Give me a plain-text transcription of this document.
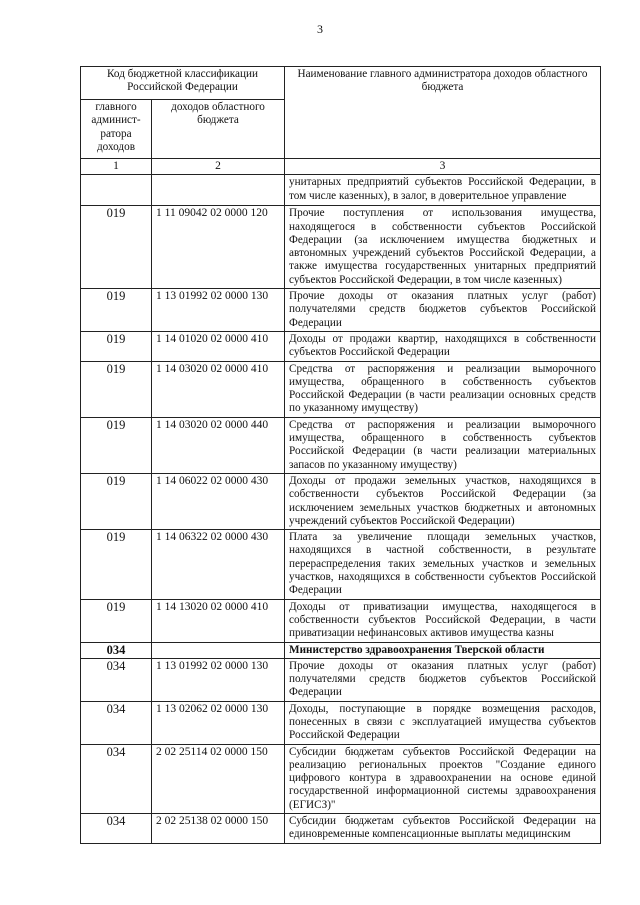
3
Код бюджетной классификации Российской Федерации		Наименование главного администратора доходов областного бюджета
главного админист-ратора доходов	доходов областного бюджета	
1	2	3
		унитарных предприятий субъектов Российской Федерации, в том числе казенных), в залог, в доверительное управление
019	1 11 09042 02 0000 120	Прочие поступления от использования имущества, находящегося в собственности субъектов Российской Федерации (за исключением имущества бюджетных и автономных учреждений субъектов Российской Федерации, а также имущества государственных унитарных предприятий субъектов Российской Федерации, в том числе казенных)
019	1 13 01992 02 0000 130	Прочие доходы от оказания платных услуг (работ) получателями средств бюджетов субъектов Российской Федерации
019	1 14 01020 02 0000 410	Доходы от продажи квартир, находящихся в собственности субъектов Российской Федерации
019	1 14 03020 02 0000 410	Средства от распоряжения и реализации выморочного имущества, обращенного в собственность субъектов Российской Федерации (в части реализации основных средств по указанному имуществу)
019	1 14 03020 02 0000 440	Средства от распоряжения и реализации выморочного имущества, обращенного в собственность субъектов Российской Федерации (в части реализации материальных запасов по указанному имуществу)
019	1 14 06022 02 0000 430	Доходы от продажи земельных участков, находящихся в собственности субъектов Российской Федерации (за исключением земельных участков бюджетных и автономных учреждений субъектов Российской Федерации)
019	1 14 06322 02 0000 430	Плата за увеличение площади земельных участков, находящихся в частной собственности, в результате перераспределения таких земельных участков и земельных участков, находящихся в собственности субъектов Российской Федерации
019	1 14 13020 02 0000 410	Доходы от приватизации имущества, находящегося в собственности субъектов Российской Федерации, в части приватизации нефинансовых активов имущества казны
034		Министерство здравоохранения Тверской области
034	1 13 01992 02 0000 130	Прочие доходы от оказания платных услуг (работ) получателями средств бюджетов субъектов Российской Федерации
034	1 13 02062 02 0000 130	Доходы, поступающие в порядке возмещения расходов, понесенных в связи с эксплуатацией имущества субъектов Российской Федерации
034	2 02 25114 02 0000 150	Субсидии бюджетам субъектов Российской Федерации на реализацию региональных проектов "Создание единого цифрового контура в здравоохранении на основе единой государственной информационной системы здравоохранения (ЕГИСЗ)"
034	2 02 25138 02 0000 150	Субсидии бюджетам субъектов Российской Федерации на единовременные компенсационные выплаты медицинским
